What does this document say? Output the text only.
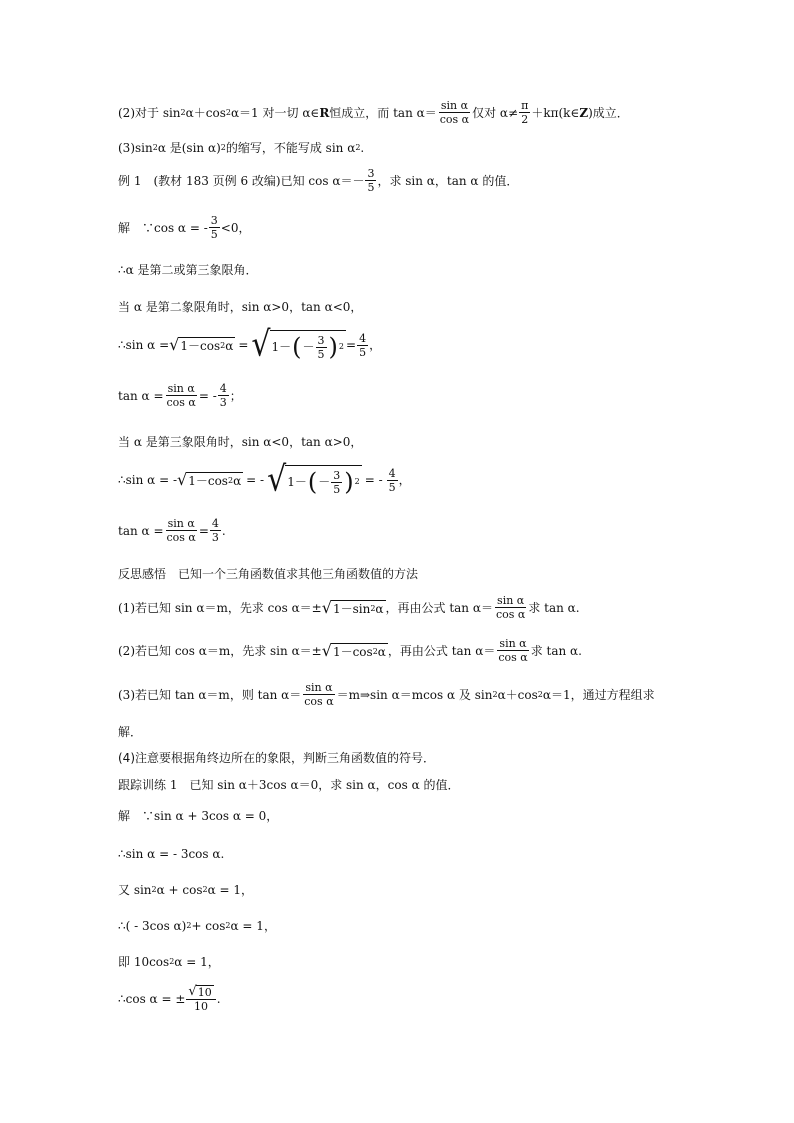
(2)对于 sin 2 α＋cos 2 α＝1 对一切 α∈ R 恒成立，而 $\tan \alpha= \frac{\text{sin α}}{\text{cos α}}$ 仅对 $\alpha\ne \frac{\pi}{2}$ ＋kπ(k∈ Z )成立．
(3)sin 2 α 是(sin α) 2 的缩写，不能写成 sin α 2 .
例 1　(教材 183 页例 6 改编)已知 $\cos \alpha=- \frac{3}{5}$ ，求 sin α，tan α 的值．
解　∵cos α = - $\frac{3}{5} <0$，
∴α 是第二或第三象限角．
当 α 是第二象限角时，sin α>0，tan α<0，
∴sin α = √ 1－cos 2 α = √ 1－ ( － $\frac{3}{5}$ ) $2 = \frac{4}{5}$ ，
$\tan \alpha = \frac{\text{sin α}}{\text{cos α}}$ = - $\frac{4}{3}$ ；
当 α 是第三象限角时，sin α<0，tan α>0，
∴sin α = - √ 1－cos 2 α = - √ 1－ ( － $\frac{3}{5}$ ) 2 = - $\frac{4}{5}$ ，
$\tan \alpha = \frac{\text{sin α}}{\text{cos α}} = \frac{4}{3}$ .
反思感悟　已知一个三角函数值求其他三角函数值的方法
(1)若已知 sin α＝m，先求 cos α＝± √ 1－sin 2 α ，再由公式 $\tan \alpha= \frac{\text{sin α}}{\text{cos α}}$ 求 tan α.
(2)若已知 cos α＝m，先求 sin α＝± √ 1－cos 2 α ，再由公式 $\tan \alpha= \frac{\text{sin α}}{\text{cos α}}$ 求 tan α.
(3)若已知 tan α＝m，则 $\tan \alpha= \frac{\text{sin α}}{\text{cos α}}$ ＝m⇒sin α＝mcos α 及 sin 2 α＋cos 2 α＝1，通过方程组求
解．
(4)注意要根据角终边所在的象限，判断三角函数值的符号．
跟踪训练 1　已知 sin α＋3cos α＝0，求 sin α，cos α 的值．
解　∵sin α + 3cos α = 0，
∴sin α = - 3cos α.
又 sin 2 α + cos 2 α = 1，
∴( - 3cos α) 2 + cos 2 α = 1，
即 10cos 2 α = 1，
∴cos α = ± $\frac{√ 10}{10}$ .
